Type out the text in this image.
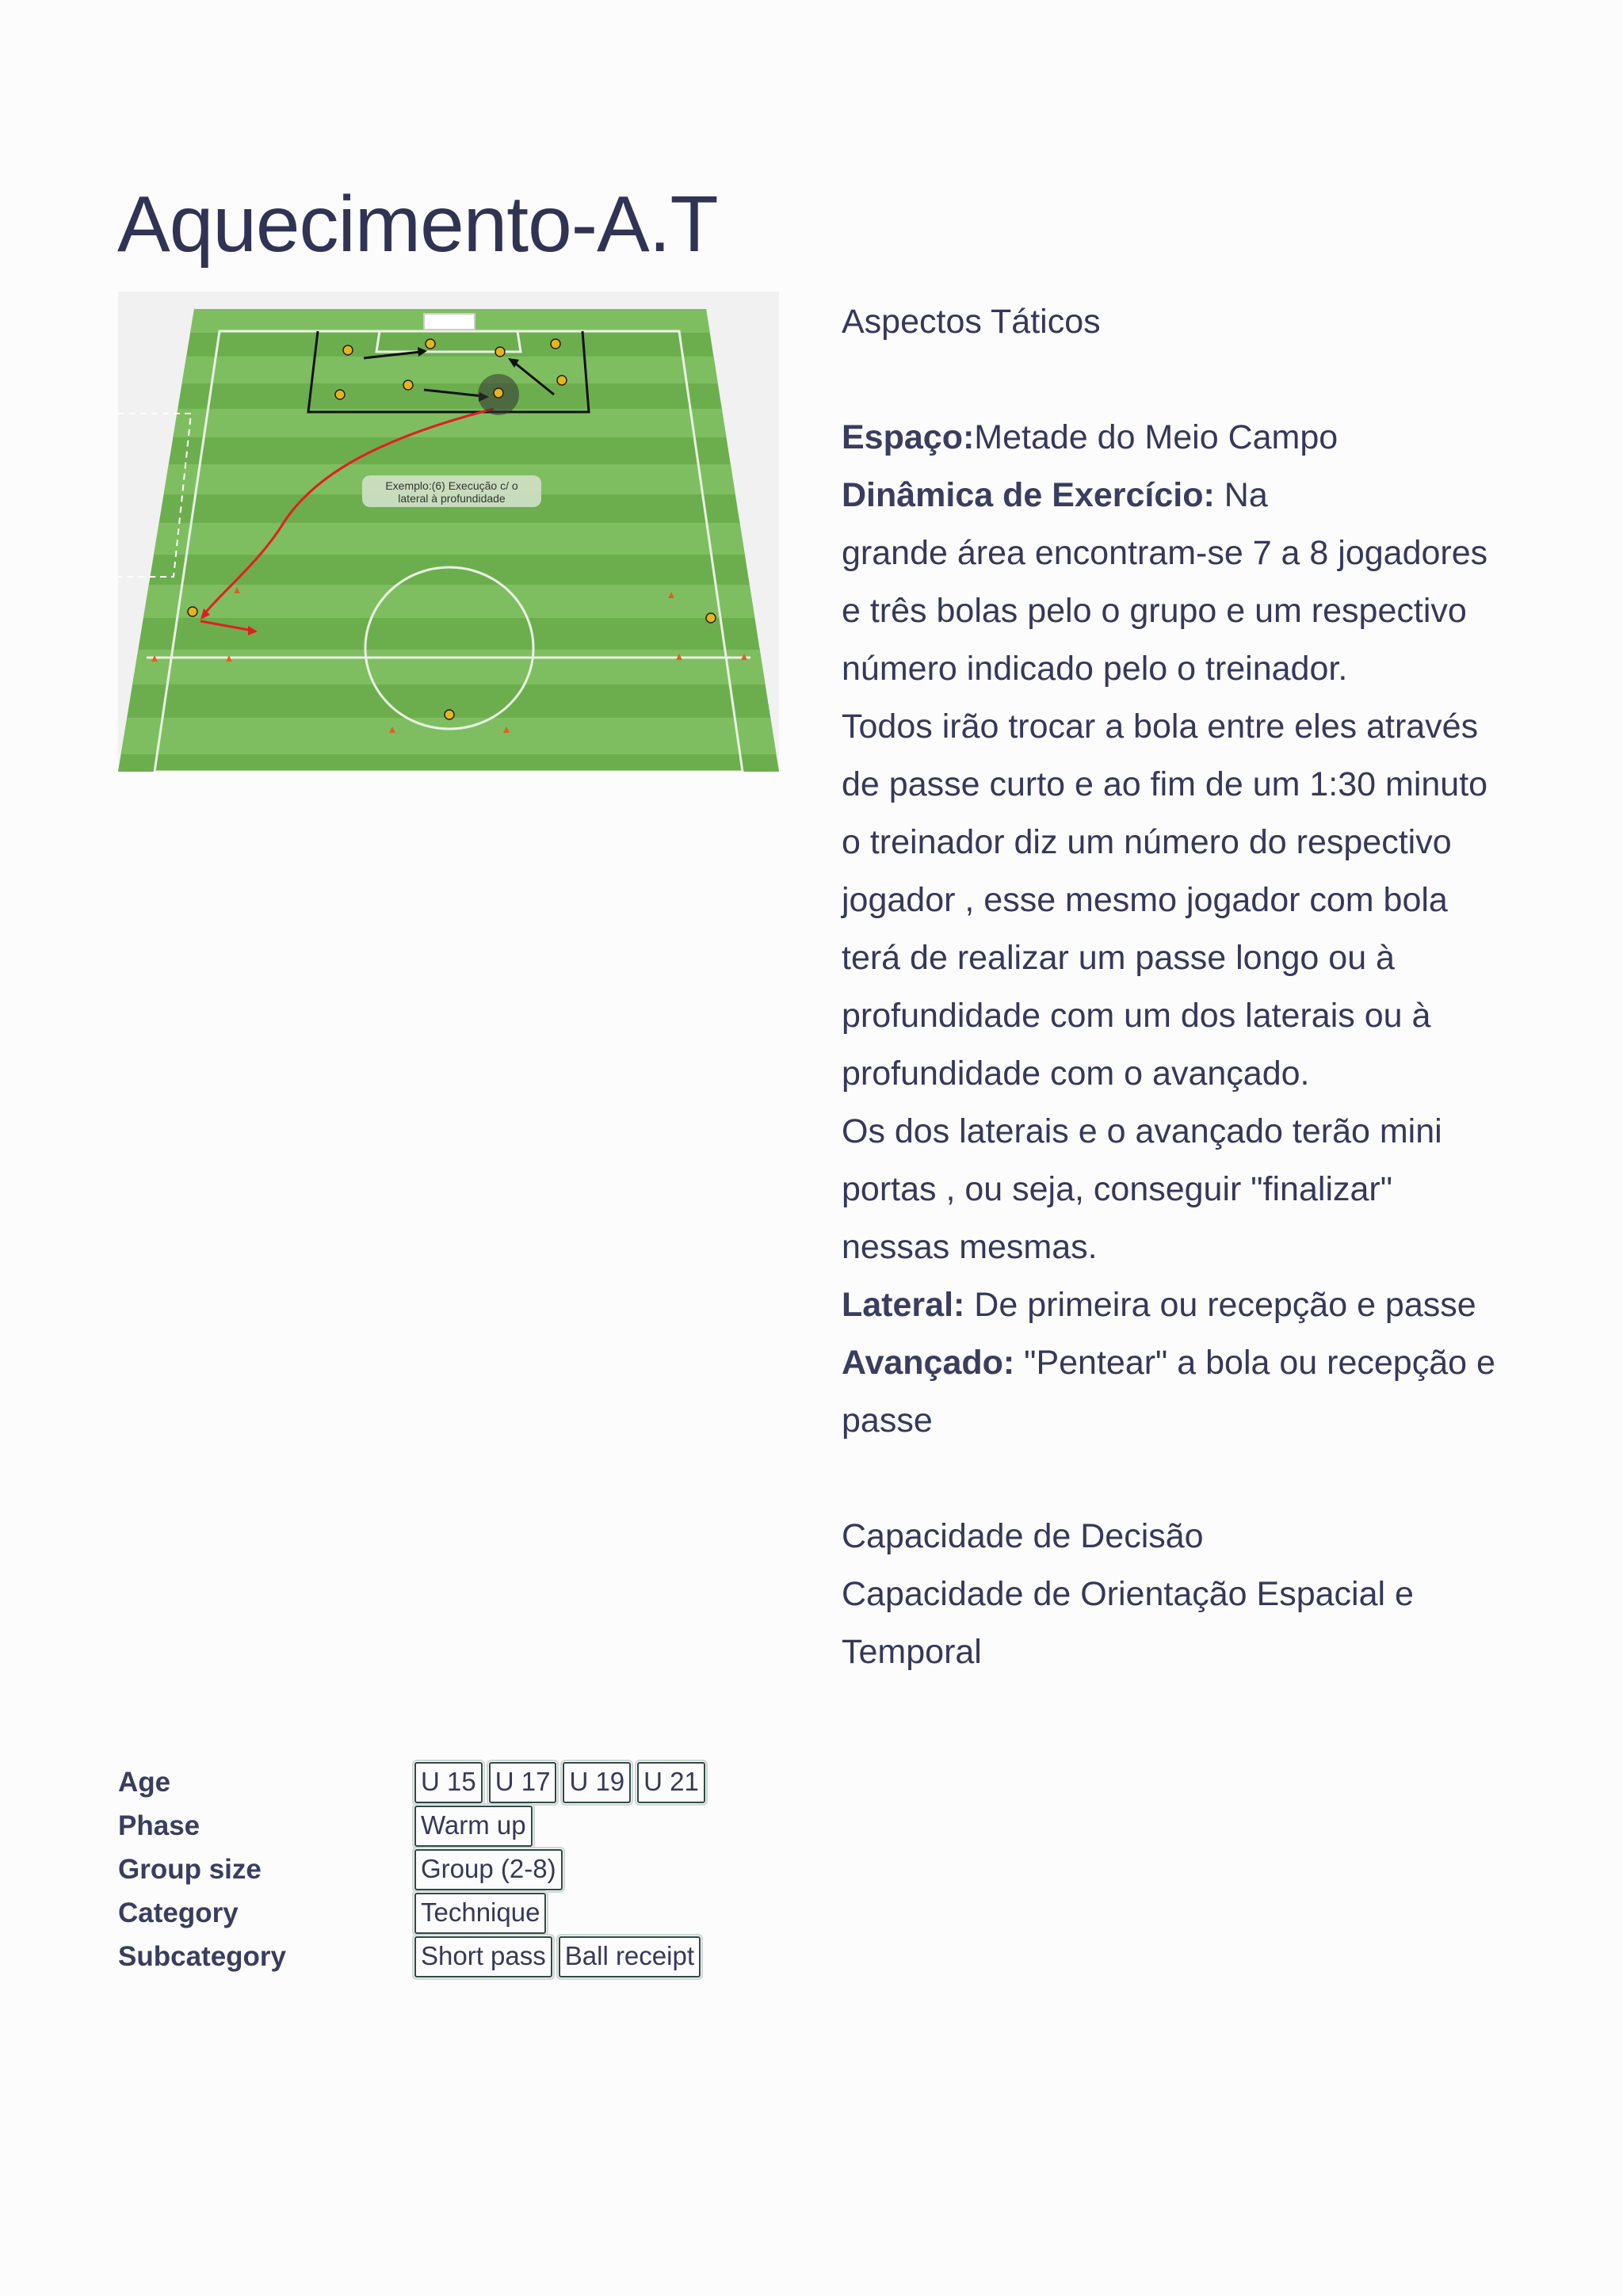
Aquecimento-A.T
Exemplo:(6) Execução c/ o
lateral à profundidade

Aspectos Táticos

Espaço:Metade do Meio Campo

Dinâmica de Exercício: Na

grande área encontram-se 7 a 8 jogadores

e três bolas pelo o grupo e um respectivo

número indicado pelo o treinador.

Todos irão trocar a bola entre eles através

de passe curto e ao fim de um 1:30 minuto

o treinador diz um número do respectivo

jogador , esse mesmo jogador com bola

terá de realizar um passe longo ou à

profundidade com um dos laterais ou à

profundidade com o avançado.

Os dos laterais e o avançado terão mini

portas , ou seja, conseguir "finalizar"

nessas mesmas.

Lateral: De primeira ou recepção e passe

Avançado: "Pentear" a bola ou recepção e

passe

Capacidade de Decisão

Capacidade de Orientação Espacial e

Temporal

Age	U 15 U 17 U 19 U 21
Phase	Warm up
Group size	Group (2-8)
Category	Technique
Subcategory	Short pass Ball receipt
